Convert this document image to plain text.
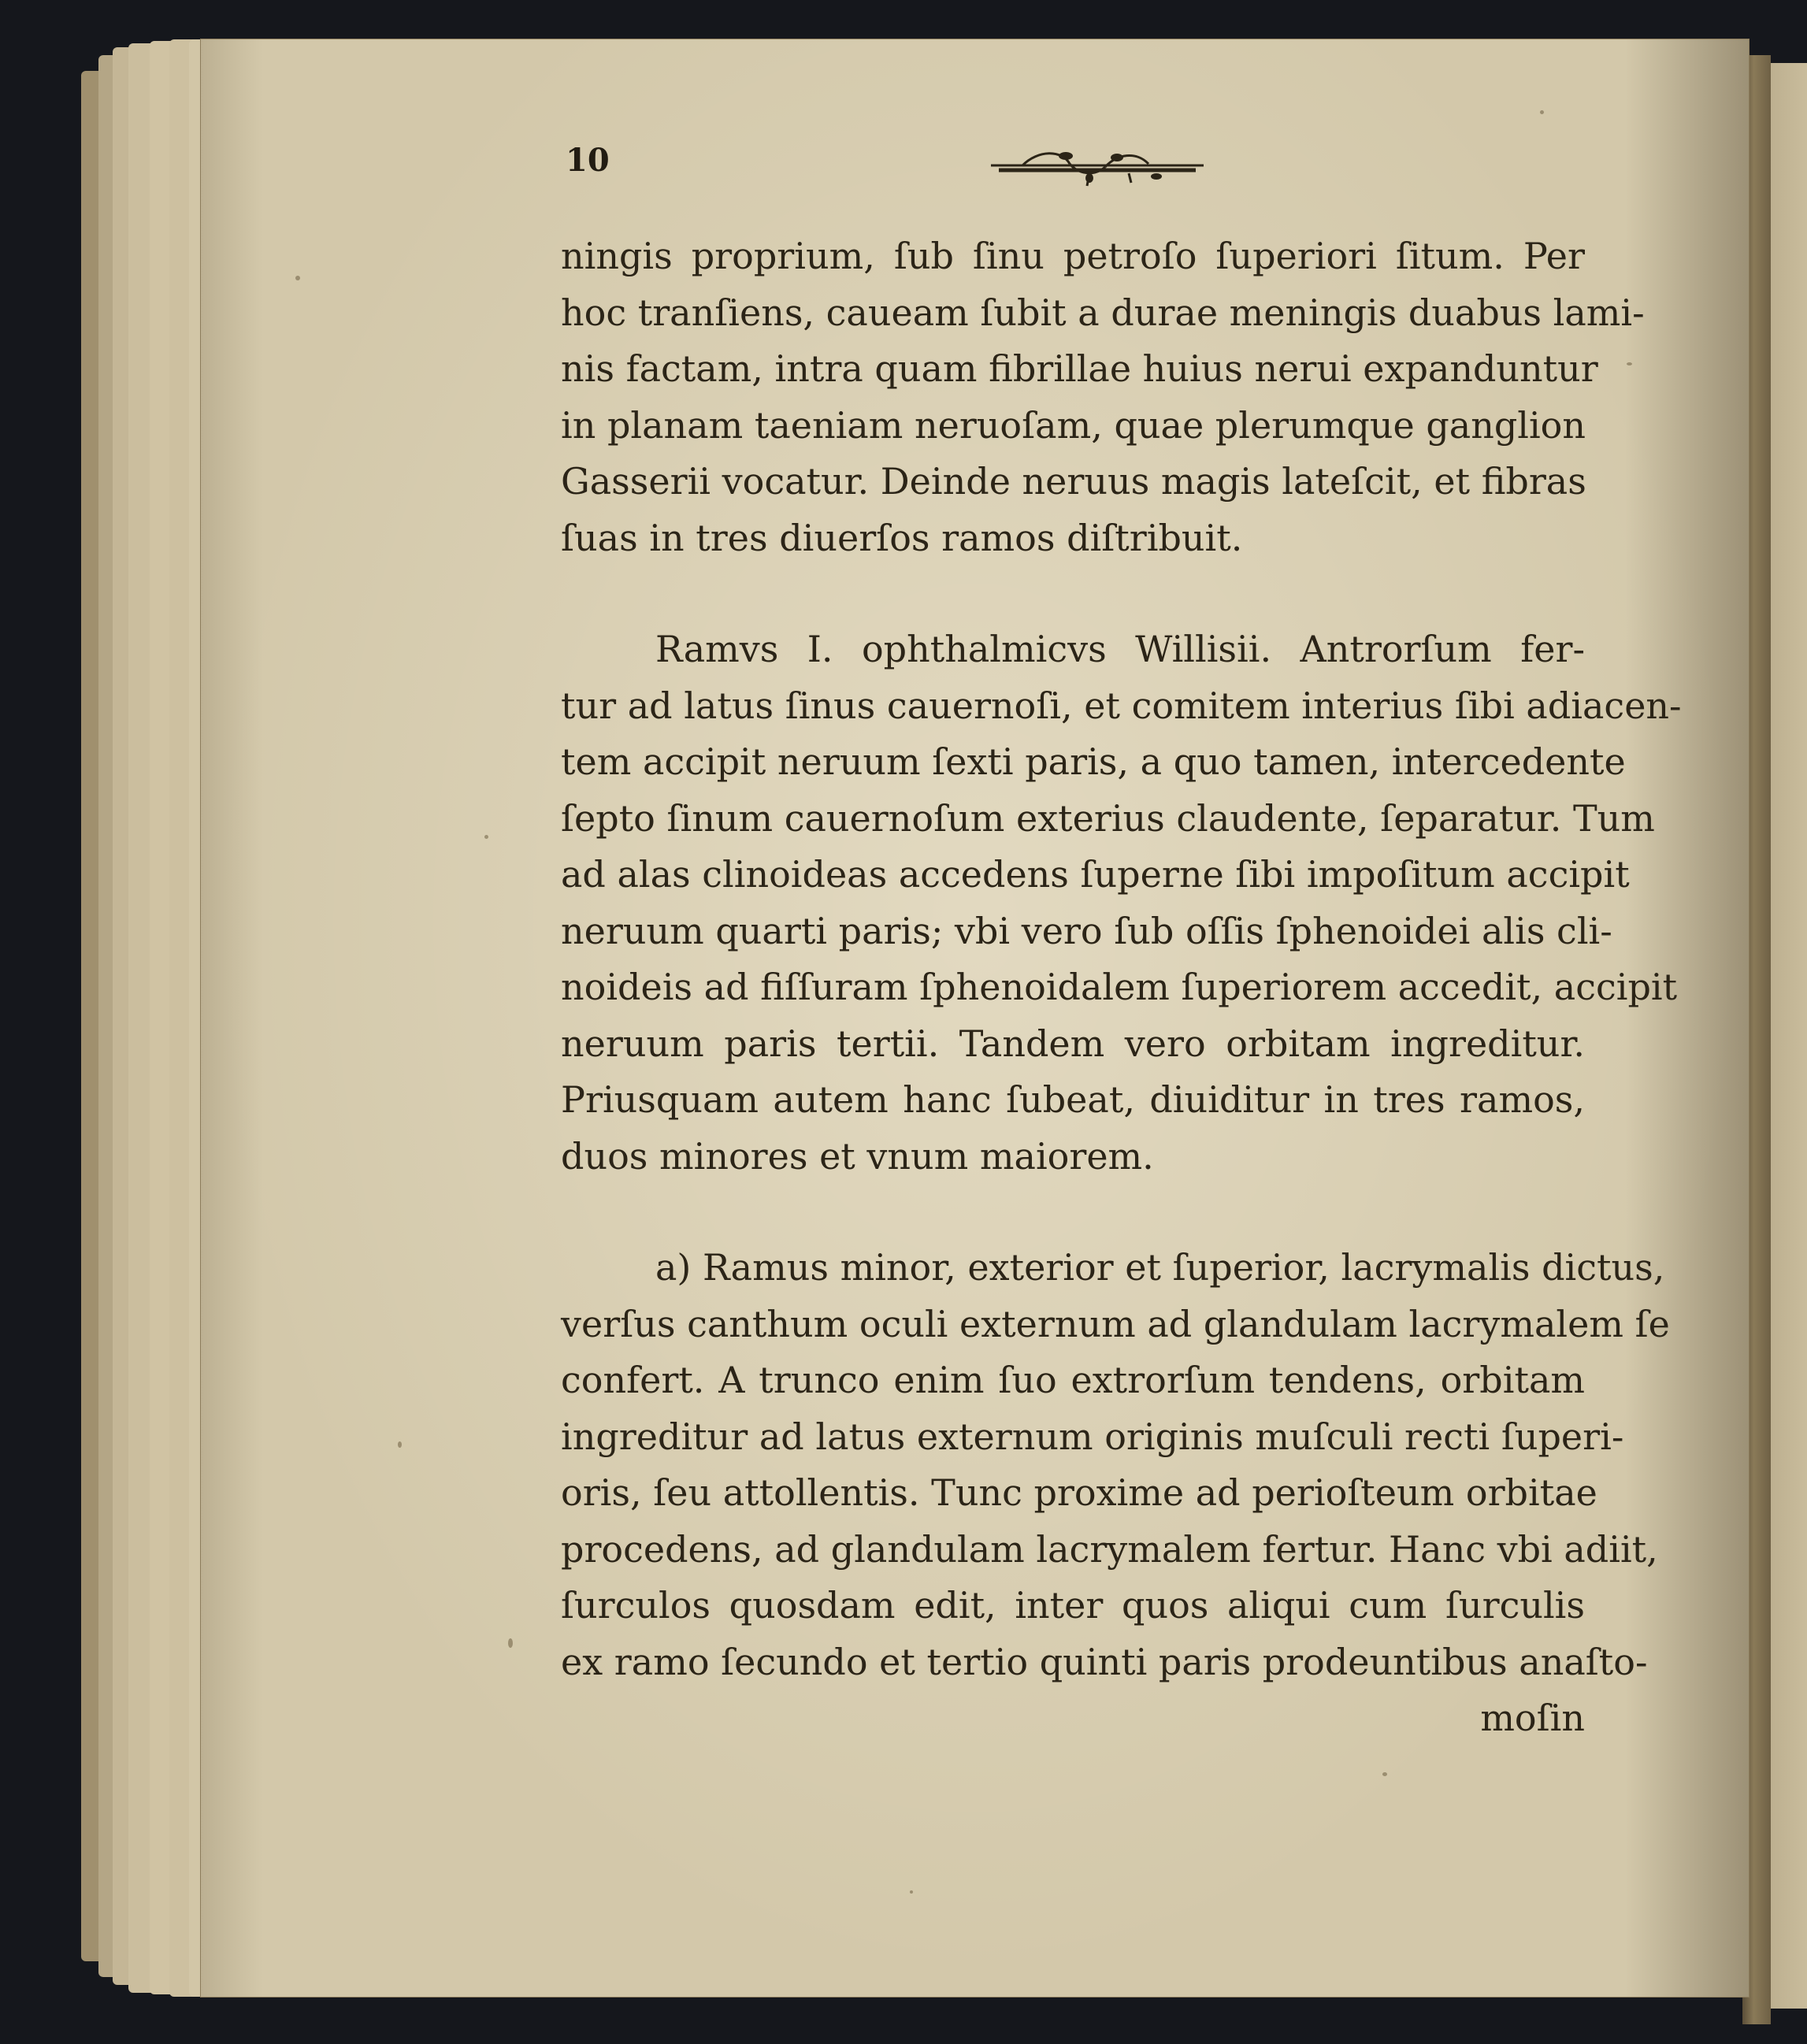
10

ningis proprium, ſub ſinu petroſo ſuperiori ſitum. Per
hoc tranſiens, caueam ſubit a durae meningis duabus lami-
nis factam, intra quam fibrillae huius nerui expanduntur
in planam taeniam neruoſam, quae plerumque ganglion
Gasserii vocatur. Deinde neruus magis lateſcit, et fibras
ſuas in tres diuerſos ramos diſtribuit.

Ramvs I. ophthalmicvs Willisii. Antrorſum fer-
tur ad latus ſinus cauernoſi, et comitem interius ſibi adiacen-
tem accipit neruum ſexti paris, a quo tamen, intercedente
ſepto ſinum cauernoſum exterius claudente, ſeparatur. Tum
ad alas clinoideas accedens ſuperne ſibi impoſitum accipit
neruum quarti paris; vbi vero ſub oſſis ſphenoidei alis cli-
noideis ad fiſſuram ſphenoidalem ſuperiorem accedit, accipit
neruum paris tertii. Tandem vero orbitam ingreditur.
Priusquam autem hanc ſubeat, diuiditur in tres ramos,
duos minores et vnum maiorem.

a) Ramus minor, exterior et ſuperior, lacrymalis dictus,
verſus canthum oculi externum ad glandulam lacrymalem ſe
confert. A trunco enim ſuo extrorſum tendens, orbitam
ingreditur ad latus externum originis muſculi recti ſuperi-
oris, ſeu attollentis. Tunc proxime ad perioſteum orbitae
procedens, ad glandulam lacrymalem fertur. Hanc vbi adiit,
ſurculos quosdam edit, inter quos aliqui cum ſurculis
ex ramo ſecundo et tertio quinti paris prodeuntibus anaſto-
moſin
